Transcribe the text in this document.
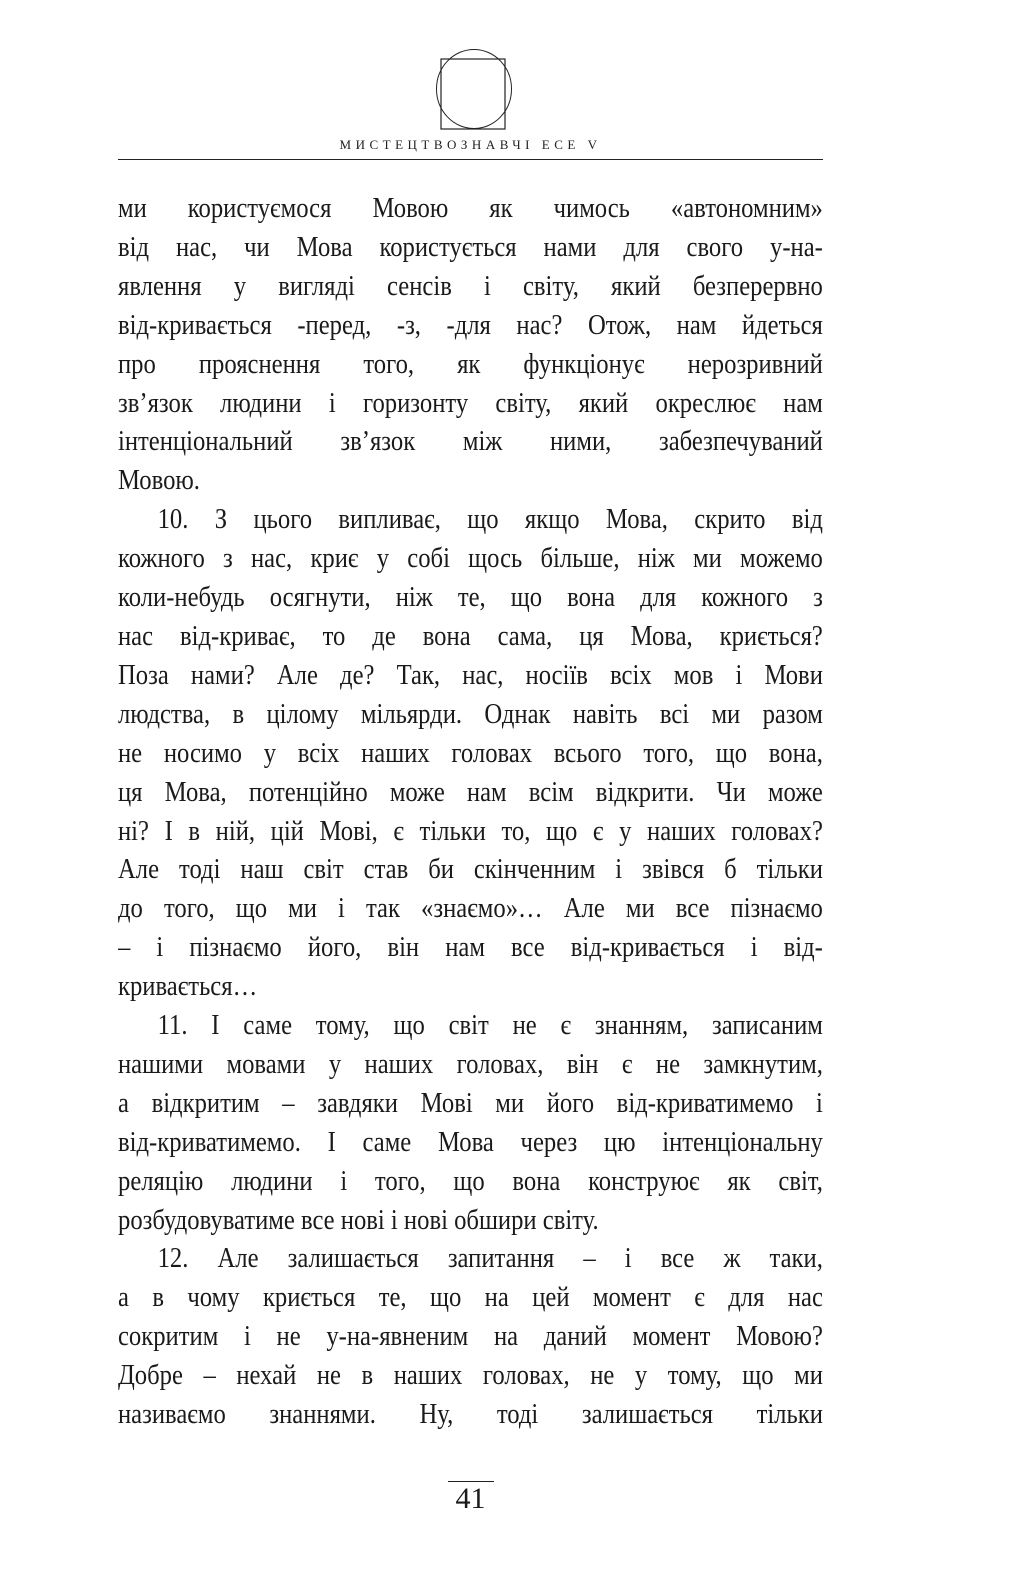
МИСТЕЦТВОЗНАВЧІ ЕСЕ V
ми користуємося Мовою як чимось «автономним»
від нас, чи Мова користується нами для свого у-на-
явлення у вигляді сенсів і світу, який безперервно
від-кривається -перед, -з, -для нас? Отож, нам йдеться
про прояснення того, як функціонує нерозривний
зв’язок людини і горизонту світу, який окреслює нам
інтенціональний зв’язок між ними, забезпечуваний
Мовою.
10. З цього випливає, що якщо Мова, скрито від
кожного з нас, криє у собі щось більше, ніж ми можемо
коли-небудь осягнути, ніж те, що вона для кожного з
нас від-криває, то де вона сама, ця Мова, криється?
Поза нами? Але де? Так, нас, носіїв всіх мов і Мови
людства, в цілому мільярди. Однак навіть всі ми разом
не носимо у всіх наших головах всього того, що вона,
ця Мова, потенційно може нам всім відкрити. Чи може
ні? І в ній, цій Мові, є тільки то, що є у наших головах?
Але тоді наш світ став би скінченним і звівся б тільки
до того, що ми і так «знаємо»… Але ми все пізнаємо
– і пізнаємо його, він нам все від-кривається і від-
кривається…
11. І саме тому, що світ не є знанням, записаним
нашими мовами у наших головах, він є не замкнутим,
а відкритим – завдяки Мові ми його від-криватимемо і
від-криватимемо. І саме Мова через цю інтенціональну
реляцію людини і того, що вона конструює як світ,
розбудовуватиме все нові і нові обшири світу.
12. Але залишається запитання – і все ж таки,
а в чому криється те, що на цей момент є для нас
сокритим і не у-на-явненим на даний момент Мовою?
Добре – нехай не в наших головах, не у тому, що ми
називаємо знаннями. Ну, тоді залишається тільки
41
